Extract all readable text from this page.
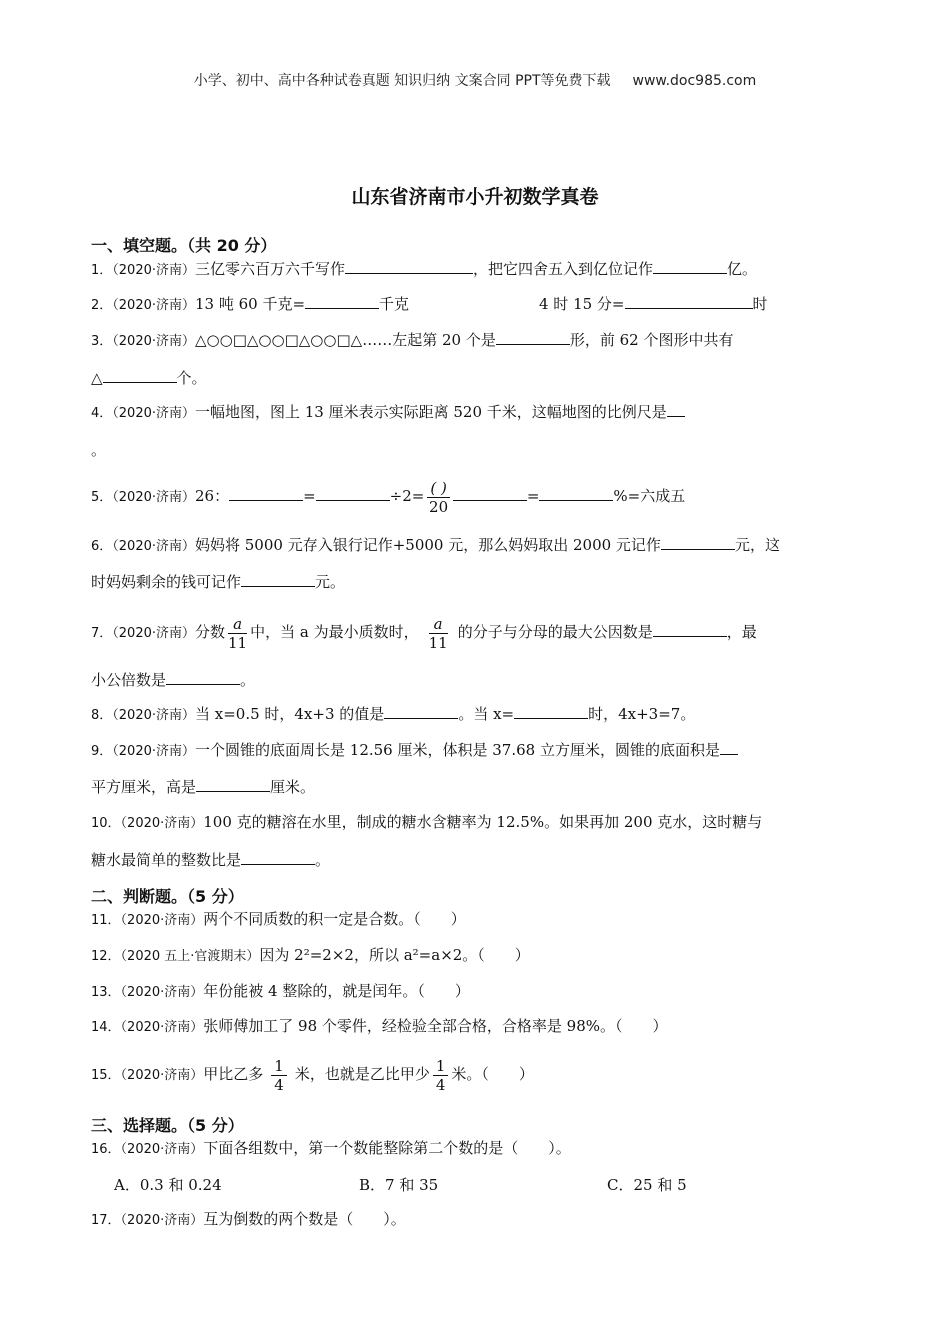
小学、初中、高中各种试卷真题 知识归纳 文案合同 PPT等免费下载 www.doc985.com
山东省济南市小升初数学真卷
一、填空题。（共 20 分）
1．（2020·济南）三亿零六百万六千写作	，把它四舍五入到亿位记作	亿。
2．（2020·济南）13 吨 60 千克=	千克	4 时 15 分=	时
3．（2020·济南）△○○□△○○□△○○□△……左起第 20 个是	形，前 62 个图形中共有
△	个。
4．（2020·济南）一幅地图，图上 13 厘米表示实际距离 520 千米，这幅地图的比例尺是
。
5．（2020·济南）26：	=	$\div 2= \frac{( )}{20}$	=	%=六成五
6．（2020·济南）妈妈将 5000 元存入银行记作+5000 元，那么妈妈取出 2000 元记作	元，这
时妈妈剩余的钱可记作	元。
7．（2020·济南）分数 $\frac{a}{11}$ 中，当 a 为最小质数时， $\frac{a}{11}$ 的分子与分母的最大公因数是	，最
小公倍数是	。
8．（2020·济南）当 x=0.5 时，4x+3 的值是	。当 x=	时，4x+3=7。
9．（2020·济南）一个圆锥的底面周长是 12.56 厘米，体积是 37.68 立方厘米，圆锥的底面积是
平方厘米，高是	厘米。
10．（2020·济南）100 克的糖溶在水里，制成的糖水含糖率为 12.5%。如果再加 200 克水，这时糖与
糖水最简单的整数比是	。
二、判断题。（5 分）
11．（2020·济南）两个不同质数的积一定是合数。（　　）
12．（2020 五上·官渡期末）因为 2²=2×2，所以 a²=a×2。（　　）
13．（2020·济南）年份能被 4 整除的，就是闰年。（　　）
14．（2020·济南）张师傅加工了 98 个零件，经检验全部合格，合格率是 98%。（　　）
15．（2020·济南）甲比乙多 $\frac{1}{4}$ 米，也就是乙比甲少 $\frac{1}{4}$ 米。（　　）
三、选择题。（5 分）
16．（2020·济南）下面各组数中，第一个数能整除第二个数的是（　　）。
A．0.3 和 0.24	B．7 和 35	C．25 和 5
17．（2020·济南）互为倒数的两个数是（　　）。
